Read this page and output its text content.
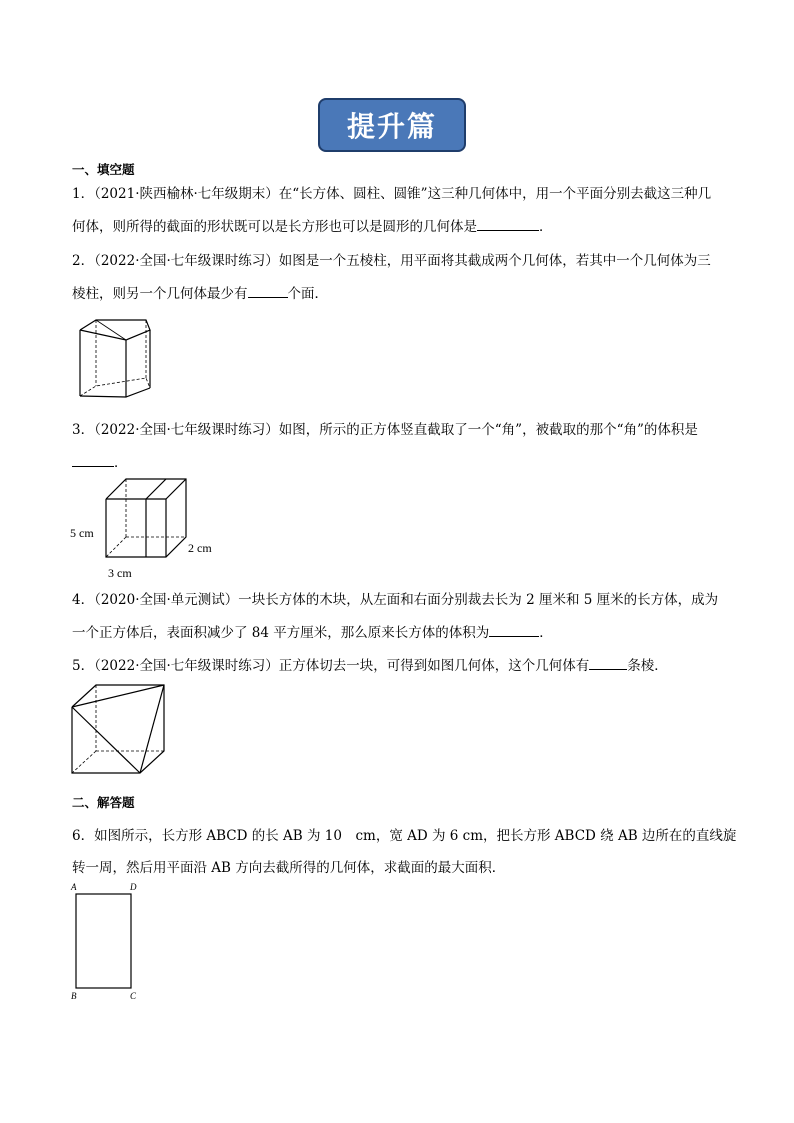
提升篇
一、填空题
1．（2021·陕西榆林·七年级期末）在“长方体、圆柱、圆锥”这三种几何体中，用一个平面分别去截这三种几
何体，则所得的截面的形状既可以是长方形也可以是圆形的几何体是	．
2．（2022·全国·七年级课时练习）如图是一个五棱柱，用平面将其截成两个几何体，若其中一个几何体为三
棱柱，则另一个几何体最少有	个面．
3．（2022·全国·七年级课时练习）如图，所示的正方体竖直截取了一个“角”，被截取的那个“角”的体积是
．
5 cm
2 cm
3 cm
4．（2020·全国·单元测试）一块长方体的木块，从左面和右面分别裁去长为 2 厘米和 5 厘米的长方体，成为
一个正方体后，表面积减少了 84 平方厘米，那么原来长方体的体积为	．
5．（2022·全国·七年级课时练习）正方体切去一块，可得到如图几何体，这个几何体有	条棱．
二、解答题
6．如图所示，长方形 ABCD 的长 AB 为 10　cm，宽 AD 为 6 cm，把长方形 ABCD 绕 AB 边所在的直线旋
转一周，然后用平面沿 AB 方向去截所得的几何体，求截面的最大面积．
A	D
B	C
